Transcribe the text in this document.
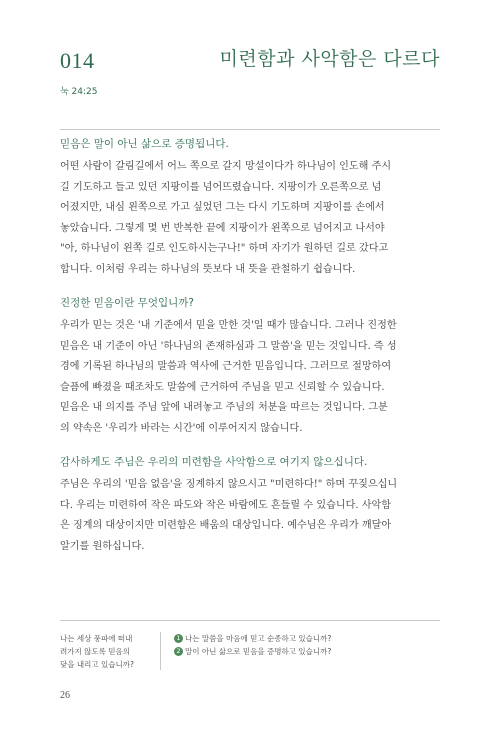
014	미련함과 사악함은 다르다
눅 24:25
믿음은 말이 아닌 삶으로 증명됩니다.
어떤 사람이 갈림길에서 어느 쪽으로 갈지 망설이다가 하나님이 인도해 주시
길 기도하고 들고 있던 지팡이를 넘어뜨렸습니다. 지팡이가 오른쪽으로 넘
어졌지만, 내심 왼쪽으로 가고 싶었던 그는 다시 기도하며 지팡이를 손에서
놓았습니다. 그렇게 몇 번 반복한 끝에 지팡이가 왼쪽으로 넘어지고 나서야
"아, 하나님이 왼쪽 길로 인도하시는구나!" 하며 자기가 원하던 길로 갔다고
합니다. 이처럼 우리는 하나님의 뜻보다 내 뜻을 관철하기 쉽습니다.
진정한 믿음이란 무엇입니까?
우리가 믿는 것은 '내 기준에서 믿을 만한 것'일 때가 많습니다. 그러나 진정한
믿음은 내 기준이 아닌 '하나님의 존재하심과 그 말씀'을 믿는 것입니다. 즉 성
경에 기록된 하나님의 말씀과 역사에 근거한 믿음입니다. 그러므로 절망하여
슬픔에 빠졌을 때조차도 말씀에 근거하여 주님을 믿고 신뢰할 수 있습니다.
믿음은 내 의지를 주님 앞에 내려놓고 주님의 처분을 따르는 것입니다. 그분
의 약속은 '우리가 바라는 시간'에 이루어지지 않습니다.
감사하게도 주님은 우리의 미련함을 사악함으로 여기지 않으십니다.
주님은 우리의 '믿음 없음'을 징계하지 않으시고 "미련하다!" 하며 꾸짖으십니
다. 우리는 미련하여 작은 파도와 작은 바람에도 흔들릴 수 있습니다. 사악함
은 징계의 대상이지만 미련함은 배움의 대상입니다. 예수님은 우리가 깨달아
알기를 원하십니다.
나는 세상 풍파에 떠내
려가지 않도록 믿음의
닻을 내리고 있습니까?
1 나는 말씀을 마음에 믿고 순종하고 있습니까?
2 말이 아닌 삶으로 믿음을 증명하고 있습니까?
26
